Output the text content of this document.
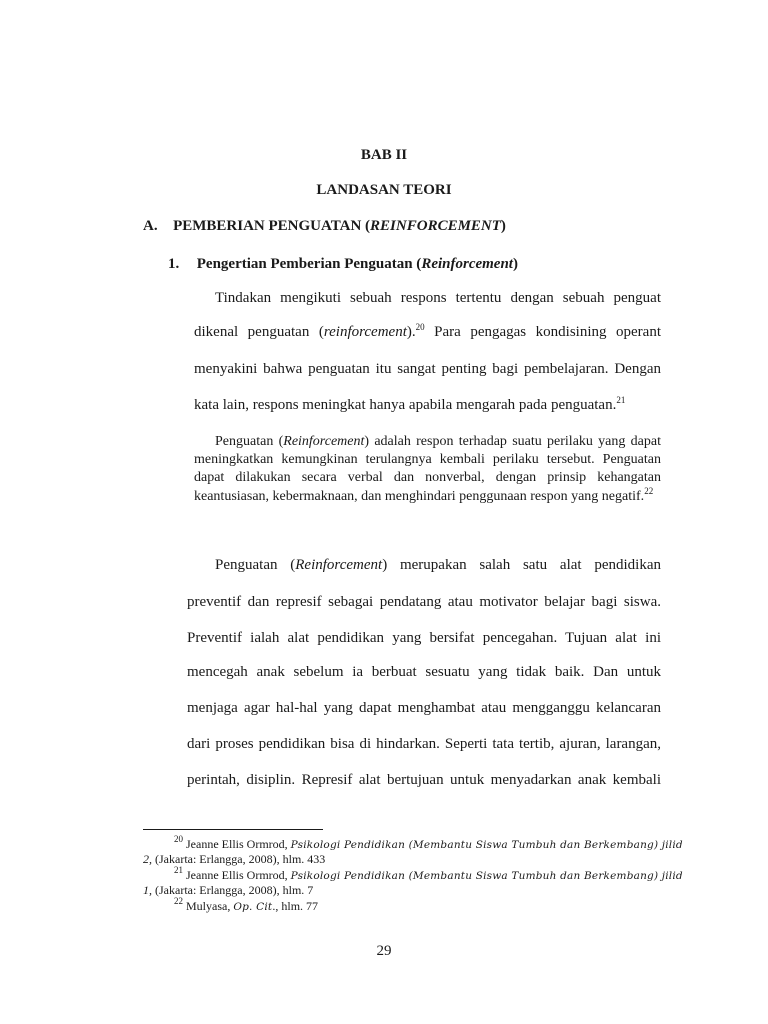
BAB II
LANDASAN TEORI
A. PEMBERIAN PENGUATAN (REINFORCEMENT)
1. Pengertian Pemberian Penguatan (Reinforcement)
Tindakan mengikuti sebuah respons tertentu dengan sebuah penguat
dikenal penguatan (reinforcement).$^{20}$ Para pengagas kondisining operant
menyakini bahwa penguatan itu sangat penting bagi pembelajaran. Dengan
kata lain, respons meningkat hanya apabila mengarah pada penguatan.$^{21}$

Penguatan (Reinforcement) adalah respon terhadap suatu perilaku yang dapat meningkatkan kemungkinan terulangnya kembali perilaku tersebut. Penguatan dapat dilakukan secara verbal dan nonverbal, dengan prinsip kehangatan keantusiasan, kebermaknaan, dan menghindari penggunaan respon yang negatif.$^{22}$

Penguatan (Reinforcement) merupakan salah satu alat pendidikan
preventif dan represif sebagai pendatang atau motivator belajar bagi siswa.
Preventif ialah alat pendidikan yang bersifat pencegahan. Tujuan alat ini
mencegah anak sebelum ia berbuat sesuatu yang tidak baik. Dan untuk
menjaga agar hal-hal yang dapat menghambat atau mengganggu kelancaran
dari proses pendidikan bisa di hindarkan. Seperti tata tertib, ajuran, larangan,
perintah, disiplin. Represif alat bertujuan untuk menyadarkan anak kembali
$^{20}$ Jeanne Ellis Ormrod, Psikologi Pendidikan (Membantu Siswa Tumbuh dan Berkembang) jilid
2, (Jakarta: Erlangga, 2008), hlm. 433
$^{21}$ Jeanne Ellis Ormrod, Psikologi Pendidikan (Membantu Siswa Tumbuh dan Berkembang) jilid
1, (Jakarta: Erlangga, 2008), hlm. 7
$^{22}$ Mulyasa, Op. Cit., hlm. 77
29
